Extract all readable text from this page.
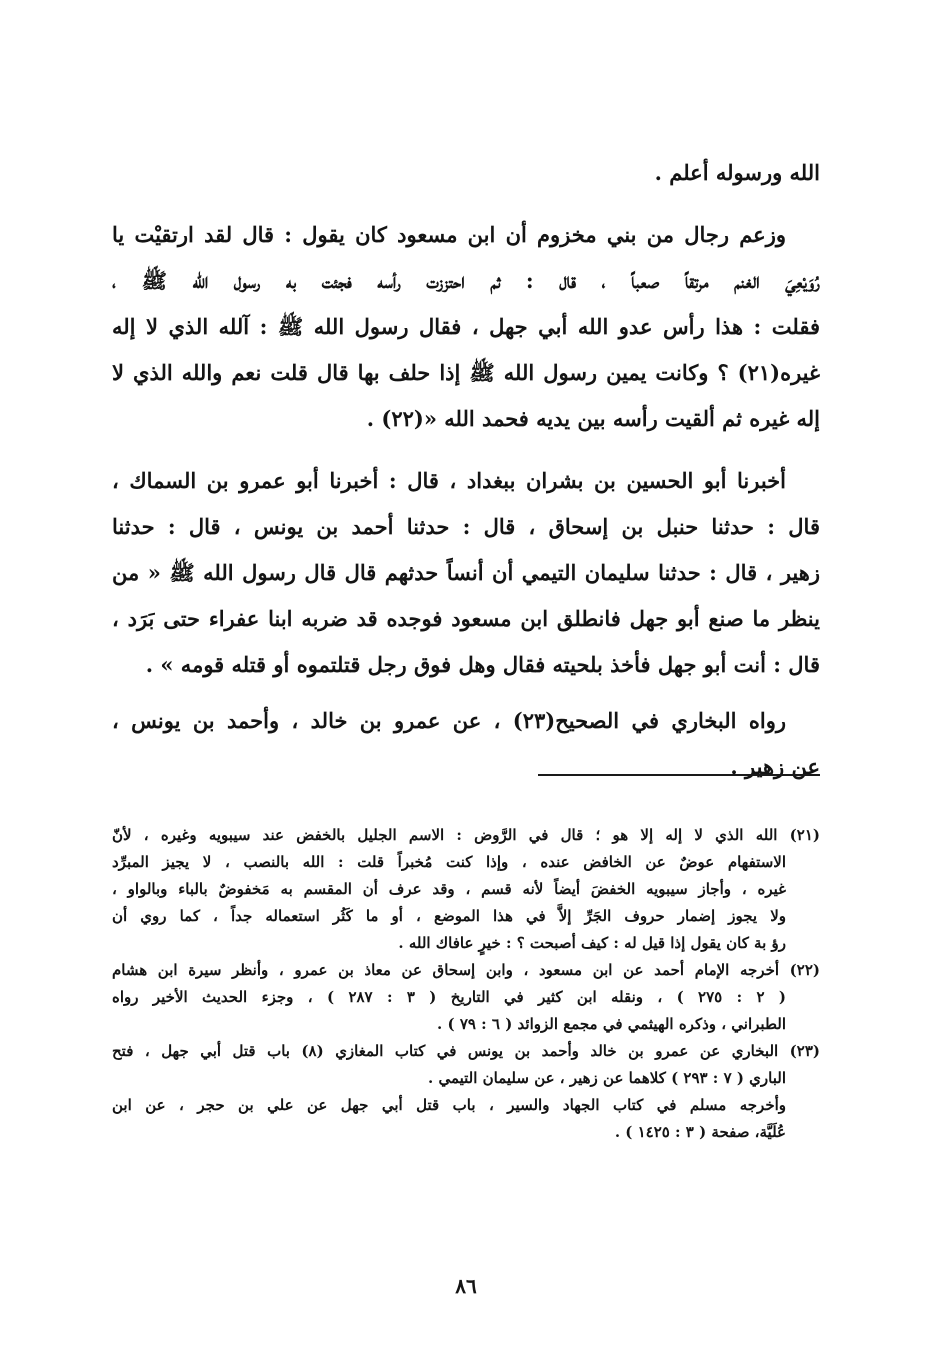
الله ورسوله أعلم .
وزعم رجال من بني مخزوم أن ابن مسعود كان يقول : قال لقد ارتقيْت يا
رُوَيْعِيَ الغنم مرتقاً صعباً ، قال : ثم احتززت رأسه فجئت به رسول الله ﷺ ،
فقلت : هذا رأس عدو الله أبي جهل ، فقال رسول الله ﷺ : آلله الذي لا إله
غيره(٢١) ؟ وكانت يمين رسول الله ﷺ إذا حلف بها قال قلت نعم والله الذي لا
إله غيره ثم ألقيت رأسه بين يديه فحمد الله «(٢٢) .
أخبرنا أبو الحسين بن بشران ببغداد ، قال : أخبرنا أبو عمرو بن السماك ،
قال : حدثنا حنبل بن إسحاق ، قال : حدثنا أحمد بن يونس ، قال : حدثنا
زهير ، قال : حدثنا سليمان التيمي أن أنساً حدثهم قال قال رسول الله ﷺ « من
ينظر ما صنع أبو جهل فانطلق ابن مسعود فوجده قد ضربه ابنا عفراء حتى بَرَد ،
قال : أنت أبو جهل فأخذ بلحيته فقال وهل فوق رجل قتلتموه أو قتله قومه » .
رواه البخاري في الصحيح(٢٣) ، عن عمرو بن خالد ، وأحمد بن يونس ،
عن زهير .
(٢١) الله الذي لا إله إلا هو ؛ قال في الرَّوض : الاسم الجليل بالخفض عند سيبويه وغيره ، لأنّ
الاستفهام عوضٌ عن الخافض عنده ، وإذا كنت مُخبراً قلت : الله بالنصب ، لا يجيز المبرِّد
غيره ، وأجاز سيبويه الخفضَ أيضاً لأنه قسم ، وقد عرف أن المقسم به مَخفوضٌ بالباء وبالواو ،
ولا يجوز إضمار حروف الجَرِّ إلاَّ في هذا الموضع ، أو ما كَثُر استعماله جداً ، كما روي أن
رؤ بة كان يقول إذا قيل له : كيف أصبحت ؟ : خيرٍ عافاك الله .
(٢٢) أخرجه الإمام أحمد عن ابن مسعود ، وابن إسحاق عن معاذ بن عمرو ، وأنظر سيرة ابن هشام
( ٢ : ٢٧٥ ) ، ونقله ابن كثير في التاريخ ( ٣ : ٢٨٧ ) ، وجزء الحديث الأخير رواه
الطبراني ، وذكره الهيثمي في مجمع الزوائد ( ٦ : ٧٩ ) .
(٢٣) البخاري عن عمرو بن خالد وأحمد بن يونس في كتاب المغازي (٨) باب قتل أبي جهل ، فتح
الباري ( ٧ : ٢٩٣ ) كلاهما عن زهير ، عن سليمان التيمي .
وأخرجه مسلم في كتاب الجهاد والسير ، باب قتل أبي جهل عن علي بن حجر ، عن ابن
عُلَيَّة، صفحة ( ٣ : ١٤٢٥ ) .
٨٦
